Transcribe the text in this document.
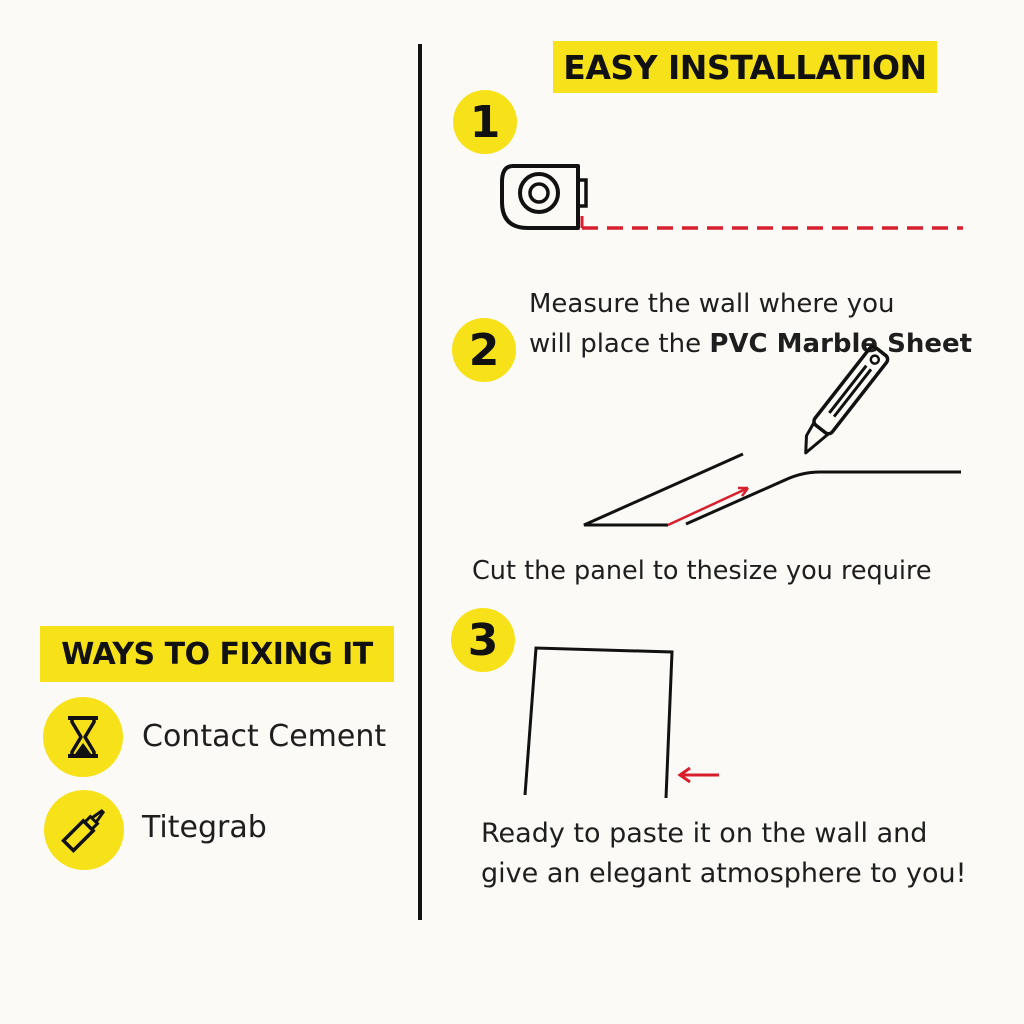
EASY INSTALLATION
1
Measure the wall where you
will place the PVC Marble Sheet
2
Cut the panel to thesize you require
3
Ready to paste it on the wall and
give an elegant atmosphere to you!
WAYS TO FIXING IT
Contact Cement
Titegrab
